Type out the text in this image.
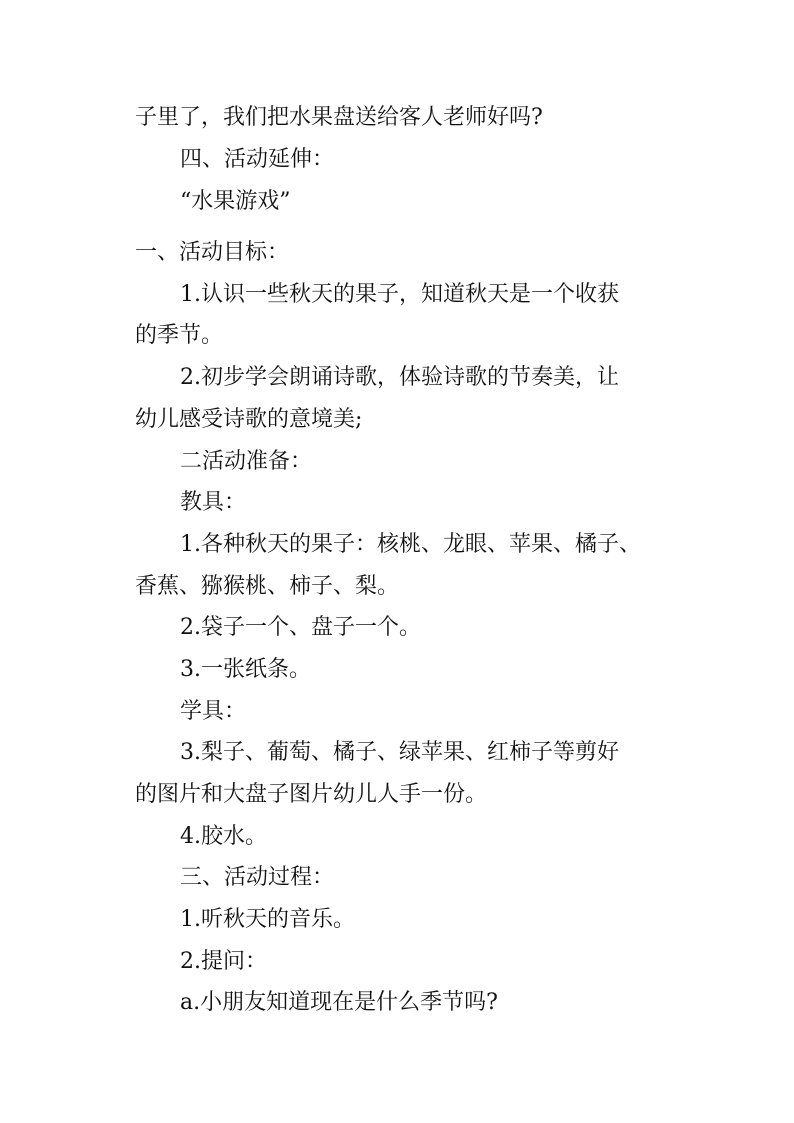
子里了，我们把水果盘送给客人老师好吗?
四、活动延伸：
“水果游戏”
一、活动目标：
1.认识一些秋天的果子，知道秋天是一个收获
的季节。
2.初步学会朗诵诗歌，体验诗歌的节奏美，让
幼儿感受诗歌的意境美;
二活动准备：
教具：
1.各种秋天的果子：核桃、龙眼、苹果、橘子、
香蕉、猕猴桃、柿子、梨。
2.袋子一个、盘子一个。
3.一张纸条。
学具：
3.梨子、葡萄、橘子、绿苹果、红柿子等剪好
的图片和大盘子图片幼儿人手一份。
4.胶水。
三、活动过程：
1.听秋天的音乐。
2.提问：
a.小朋友知道现在是什么季节吗?
